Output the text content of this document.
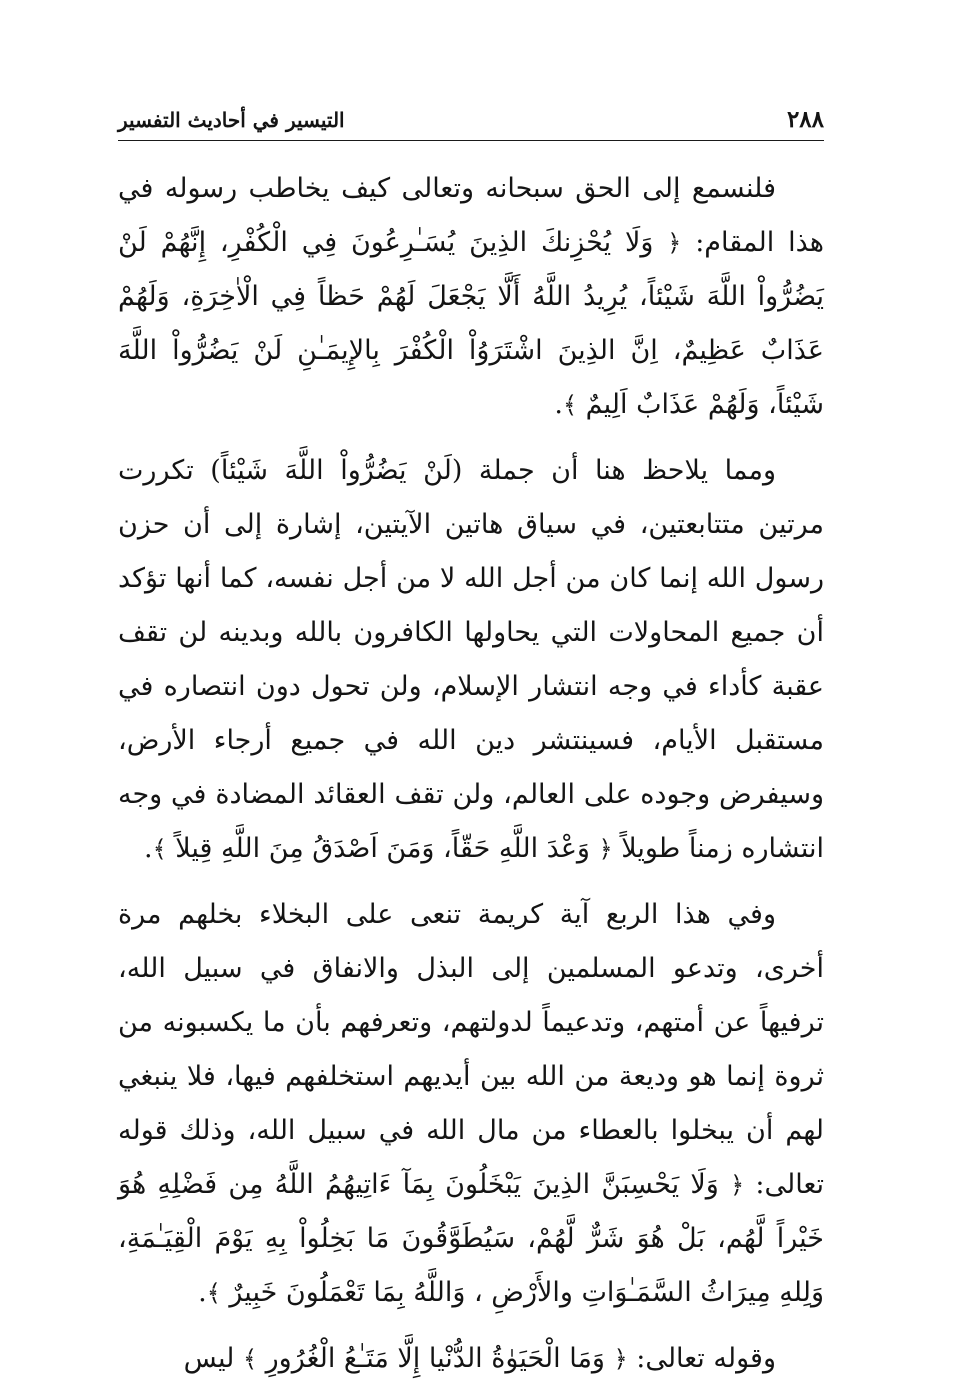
٢٨٨
التيسير في أحاديث التفسير

فلنسمع إلى الحق سبحانه وتعالى كيف يخاطب رسوله في هذا المقام: ﴿ وَلَا يُحْزِنكَ الذِينَ يُسَـٰرِعُونَ فِي الْكُفْرِ، إِنَّهُمْ لَنْ يَضُرُّواْ اللَّهَ شَيْئاً، يُرِيدُ اللَّهُ أَلَّا يَجْعَلَ لَهُمْ حَظاً فِي الْاٰخِرَةِ، وَلَهُمْ عَذَابٌ عَظِيمٌ، اِنَّ الذِينَ اشْتَرَوُاْ الْكُفْرَ بِالإِيمَـٰنِ لَنْ يَضُرُّواْ اللَّهَ شَيْئاً، وَلَهُمْ عَذَابٌ اَلِيمٌ ﴾.

ومما يلاحظ هنا أن جملة (لَنْ يَضُرُّواْ اللَّهَ شَيْئاً) تكررت مرتين متتابعتين، في سياق هاتين الآيتين، إشارة إلى أن حزن رسول الله إنما كان من أجل الله لا من أجل نفسه، كما أنها تؤكد أن جميع المحاولات التي يحاولها الكافرون بالله وبدينه لن تقف عقبة كأداء في وجه انتشار الإسلام، ولن تحول دون انتصاره في مستقبل الأيام، فسينتشر دين الله في جميع أرجاء الأرض، وسيفرض وجوده على العالم، ولن تقف العقائد المضادة في وجه انتشاره زمناً طويلاً ﴿ وَعْدَ اللَّهِ حَقّاً، وَمَنَ اَصْدَقُ مِنَ اللَّهِ قِيلاً ﴾.

وفي هذا الربع آية كريمة تنعى على البخلاء بخلهم مرة أخرى، وتدعو المسلمين إلى البذل والانفاق في سبيل الله، ترفيهاً عن أمتهم، وتدعيماً لدولتهم، وتعرفهم بأن ما يكسبونه من ثروة إنما هو وديعة من الله بين أيديهم استخلفهم فيها، فلا ينبغي لهم أن يبخلوا بالعطاء من مال الله في سبيل الله، وذلك قوله تعالى: ﴿ وَلَا يَحْسِبَنَّ الذِينَ يَبْخَلُونَ بِمَآ ءَاتِيهُمُ اللَّهُ مِن فَضْلِهِ هُوَ خَيْراً لَّهُم، بَلْ هُوَ شَرٌّ لَّهُمْ، سَيُطَوَّقُونَ مَا بَخِلُواْ بِهِ يَوْمَ الْقِيَـٰمَةِ، وَلِلهِ مِيرَاثُ السَّمَـٰوَاتِ والأَرْضِ ، وَاللَّهُ بِمَا تَعْمَلُونَ خَبِيرٌ ﴾.

وقوله تعالى: ﴿ وَمَا الْحَيَوٰةُ الدُّنْيا إِلَّا مَتَـٰعُ الْغُرُورِ ﴾ ليس
